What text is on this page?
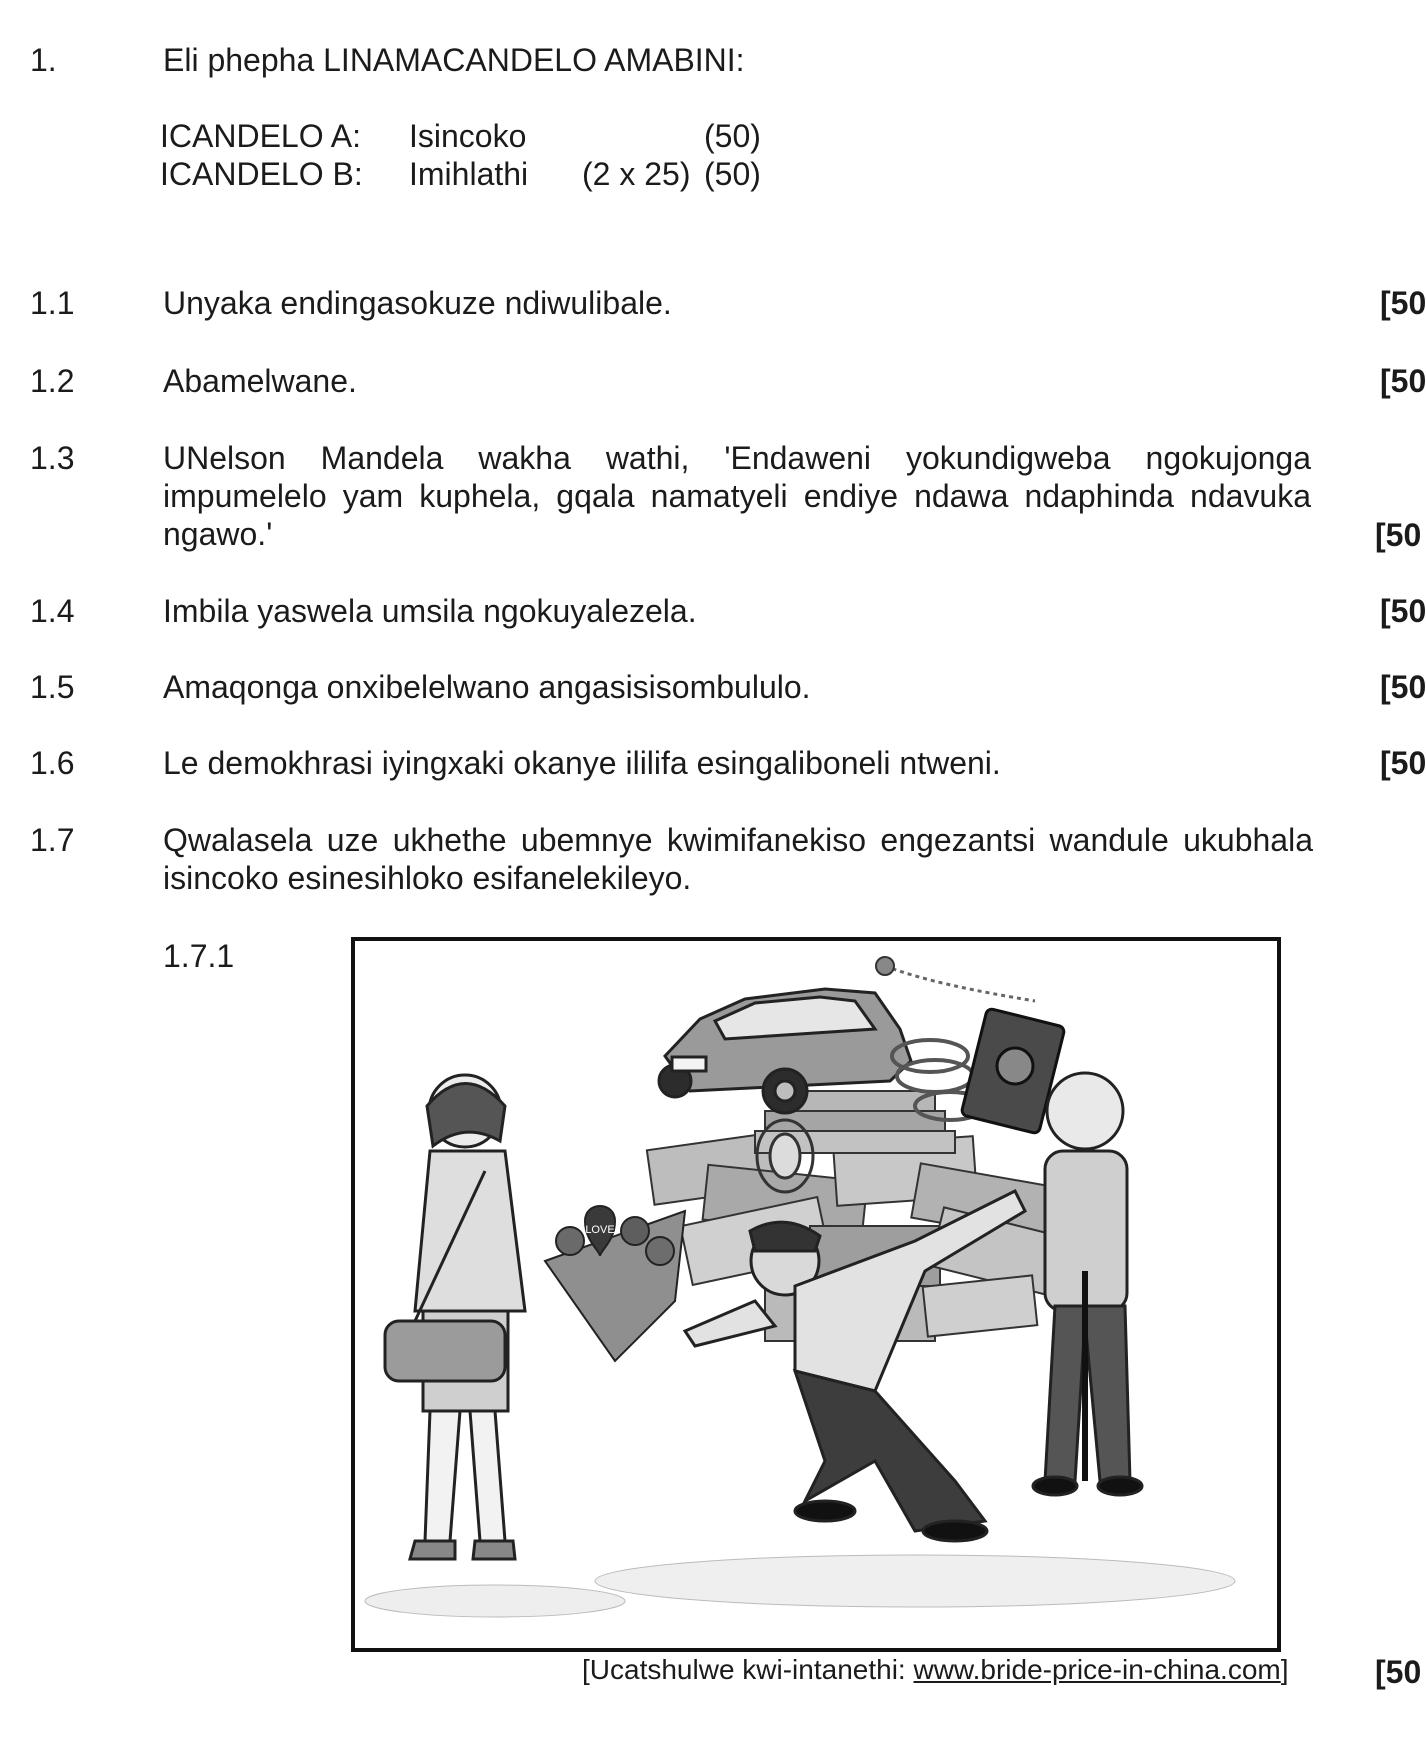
1.	Eli phepha LINAMACANDELO AMABINI:
ICANDELO A: Isincoko	(50)
ICANDELO B: Imihlathi (2 x 25) (50)
1.1	Unyaka endingasokuze ndiwulibale.	[50
1.2	Abamelwane.	[50
1.3	UNelson Mandela wakha wathi, 'Endaweni yokundigweba ngokujonga impumelelo yam kuphela, gqala namatyeli endiye ndawa ndaphinda ndavuka ngawo.'	[50
1.4	Imbila yaswela umsila ngokuyalezela.	[50
1.5	Amaqonga onxibelelwano angasisisombululo.	[50
1.6	Le demokhrasi iyingxaki okanye ililifa esingaliboneli ntweni.	[50
1.7	Qwalasela uze ukhethe ubemnye kwimifanekiso engezantsi wandule ukubhala isincoko esinesihloko esifanelekileyo.
1.7.1
LOVE
[Ucatshulwe kwi-intanethi: www.bride-price-in-china.com]	[50
